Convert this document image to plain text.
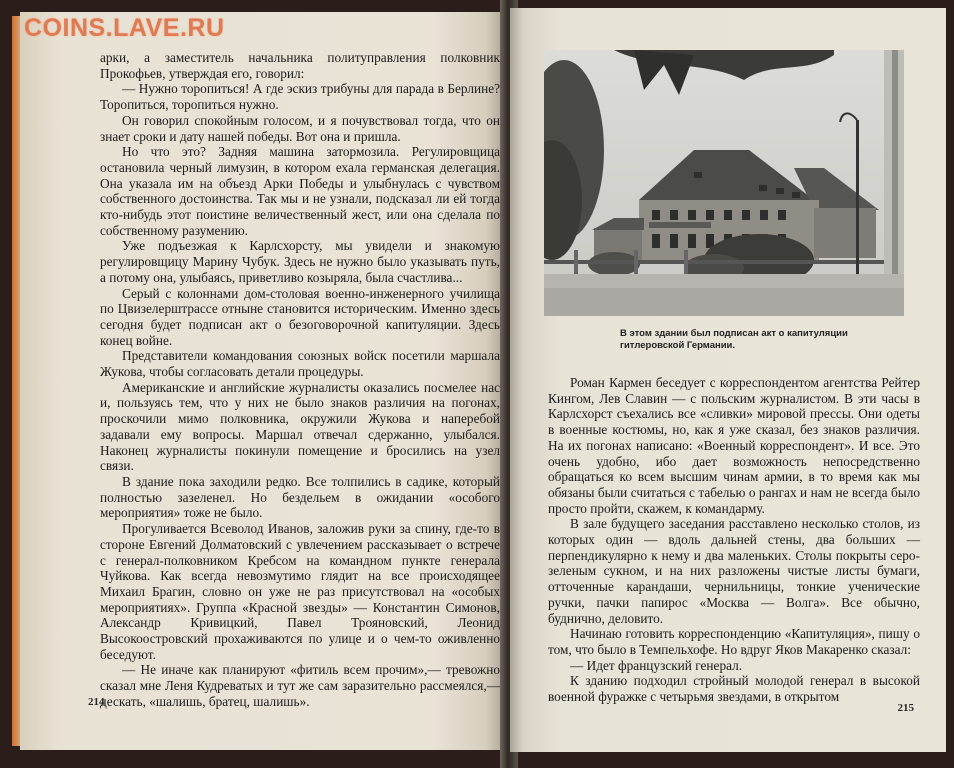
арки, а заместитель начальника политуправления полковник Прокофьев, утверждая его, говорил:

— Нужно торопиться! А где эскиз трибуны для парада в Берлине? Торопиться, торопиться нужно.

Он говорил спокойным голосом, и я почувствовал тогда, что он знает сроки и дату нашей победы. Вот она и пришла.

Но что это? Задняя машина затормозила. Регулировщица остановила черный лимузин, в котором ехала германская делегация. Она указала им на объезд Арки Победы и улыбнулась с чувством собственного достоинства. Так мы и не узнали, подсказал ли ей тогда кто-нибудь этот поистине величественный жест, или она сделала по собственному разумению.

Уже подъезжая к Карлсхорсту, мы увидели и знакомую регулировщицу Марину Чубук. Здесь не нужно было указывать путь, а потому она, улыбаясь, приветливо козыряла, была счастлива...

Серый с колоннами дом-столовая военно-инженерного училища по Цвизелерштрассе отныне становится историческим. Именно здесь сегодня будет подписан акт о безоговорочной капитуляции. Здесь конец войне.

Представители командования союзных войск посетили маршала Жукова, чтобы согласовать детали процедуры.

Американские и английские журналисты оказались посмелее нас и, пользуясь тем, что у них не было знаков различия на погонах, проскочили мимо полковника, окружили Жукова и наперебой задавали ему вопросы. Маршал отвечал сдержанно, улыбался. Наконец журналисты покинули помещение и бросились на узел связи.

В здание пока заходили редко. Все толпились в садике, который полностью зазеленел. Но бездельем в ожидании «особого мероприятия» тоже не было.

Прогуливается Всеволод Иванов, заложив руки за спину, где-то в стороне Евгений Долматовский с увлечением рассказывает о встрече с генерал-полковником Кребсом на командном пункте генерала Чуйкова. Как всегда невозмутимо глядит на все происходящее Михаил Брагин, словно он уже не раз присутствовал на «особых мероприятиях». Группа «Красной звезды» — Константин Симонов, Александр Кривицкий, Павел Трояновский, Леонид Высокоостровский прохаживаются по улице и о чем-то оживленно беседуют.

— Не иначе как планируют «фитиль всем прочим»,— тревожно сказал мне Леня Кудреватых и тут же сам заразительно рассмеялся,— дескать, «шалишь, братец, шалишь».

214
В этом здании был подписан акт о капитуляции гитлеровской Германии.

Роман Кармен беседует с корреспондентом агентства Рейтер Кингом, Лев Славин — с польским журналистом. В эти часы в Карлсхорст съехались все «сливки» мировой прессы. Они одеты в военные костюмы, но, как я уже сказал, без знаков различия. На их погонах написано: «Военный корреспондент». И все. Это очень удобно, ибо дает возможность непосредственно обращаться ко всем высшим чинам армии, в то время как мы обязаны были считаться с табелью о рангах и нам не всегда было просто пройти, скажем, к командарму.

В зале будущего заседания расставлено несколько столов, из которых один — вдоль дальней стены, два больших — перпендикулярно к нему и два маленьких. Столы покрыты серо-зеленым сукном, и на них разложены чистые листы бумаги, отточенные карандаши, чернильницы, тонкие ученические ручки, пачки папирос «Москва — Волга». Все обычно, буднично, деловито.

Начинаю готовить корреспонденцию «Капитуляция», пишу о том, что было в Темпельхофе. Но вдруг Яков Макаренко сказал:

— Идет французский генерал.

К зданию подходил стройный молодой генерал в высокой военной фуражке с четырьмя звездами, в открытом

215
COINS.LAVE.RU
